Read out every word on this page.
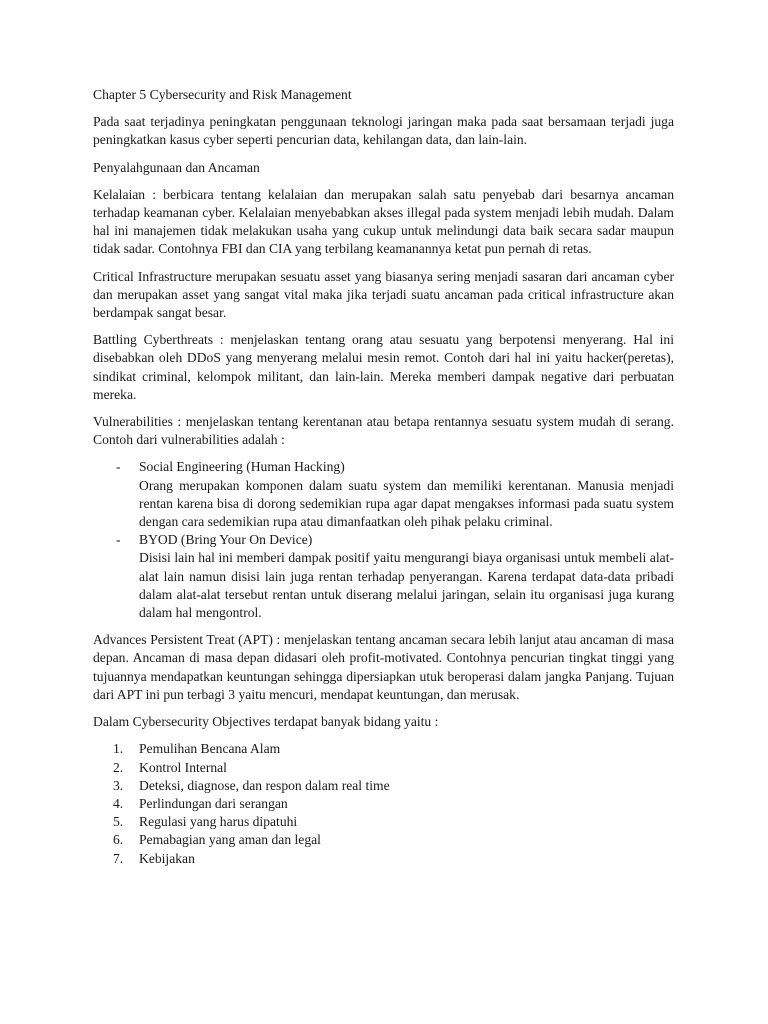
Chapter 5 Cybersecurity and Risk Management

Pada saat terjadinya peningkatan penggunaan teknologi jaringan maka pada saat bersamaan terjadi juga peningkatkan kasus cyber seperti pencurian data, kehilangan data, dan lain-lain.

Penyalahgunaan dan Ancaman

Kelalaian : berbicara tentang kelalaian dan merupakan salah satu penyebab dari besarnya ancaman terhadap keamanan cyber. Kelalaian menyebabkan akses illegal pada system menjadi lebih mudah. Dalam hal ini manajemen tidak melakukan usaha yang cukup untuk melindungi data baik secara sadar maupun tidak sadar. Contohnya FBI dan CIA yang terbilang keamanannya ketat pun pernah di retas.

Critical Infrastructure merupakan sesuatu asset yang biasanya sering menjadi sasaran dari ancaman cyber dan merupakan asset yang sangat vital maka jika terjadi suatu ancaman pada critical infrastructure akan berdampak sangat besar.

Battling Cyberthreats : menjelaskan tentang orang atau sesuatu yang berpotensi menyerang. Hal ini disebabkan oleh DDoS yang menyerang melalui mesin remot. Contoh dari hal ini yaitu hacker(peretas), sindikat criminal, kelompok militant, dan lain-lain. Mereka memberi dampak negative dari perbuatan mereka.

Vulnerabilities : menjelaskan tentang kerentanan atau betapa rentannya sesuatu system mudah di serang. Contoh dari vulnerabilities adalah :

- Social Engineering (Human Hacking)
Orang merupakan komponen dalam suatu system dan memiliki kerentanan. Manusia menjadi rentan karena bisa di dorong sedemikian rupa agar dapat mengakses informasi pada suatu system dengan cara sedemikian rupa atau dimanfaatkan oleh pihak pelaku criminal.
- BYOD (Bring Your On Device)
Disisi lain hal ini memberi dampak positif yaitu mengurangi biaya organisasi untuk membeli alat-alat lain namun disisi lain juga rentan terhadap penyerangan. Karena terdapat data-data pribadi dalam alat-alat tersebut rentan untuk diserang melalui jaringan, selain itu organisasi juga kurang dalam hal mengontrol.

Advances Persistent Treat (APT) : menjelaskan tentang ancaman secara lebih lanjut atau ancaman di masa depan. Ancaman di masa depan didasari oleh profit-motivated. Contohnya pencurian tingkat tinggi yang tujuannya mendapatkan keuntungan sehingga dipersiapkan utuk beroperasi dalam jangka Panjang. Tujuan dari APT ini pun terbagi 3 yaitu mencuri, mendapat keuntungan, dan merusak.

Dalam Cybersecurity Objectives terdapat banyak bidang yaitu :

1. Pemulihan Bencana Alam
2. Kontrol Internal
3. Deteksi, diagnose, dan respon dalam real time
4. Perlindungan dari serangan
5. Regulasi yang harus dipatuhi
6. Pemabagian yang aman dan legal
7. Kebijakan
